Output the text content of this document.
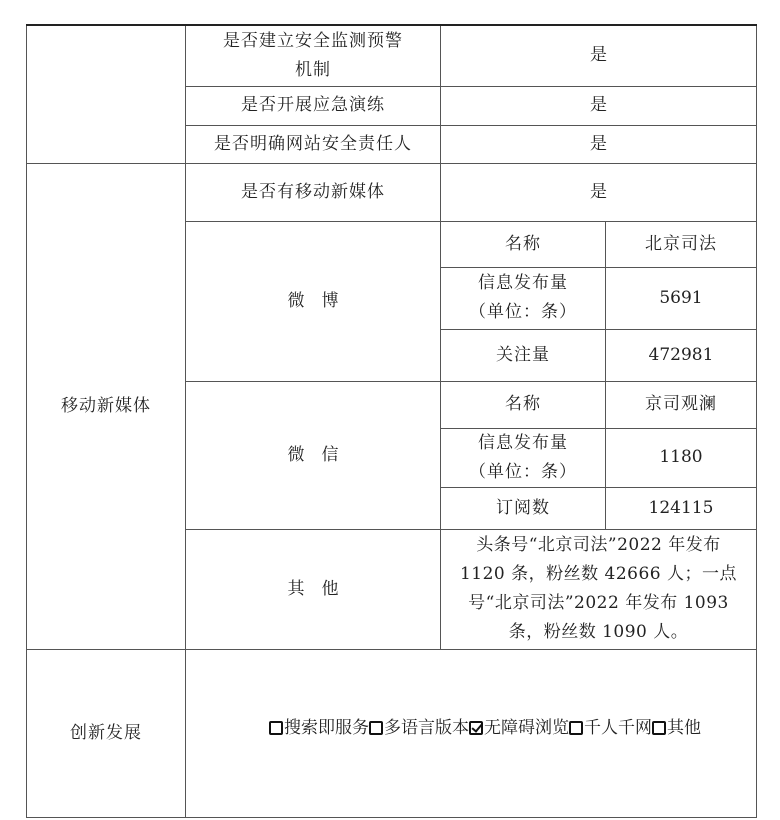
	是否建立安全监测预警
机制	是	
	是否开展应急演练	是	
	是否明确网站安全责任人	是	
移动新媒体	是否有移动新媒体	是	
	微　博	名称	北京司法

		信息发布量
（单位：条）	5691
		关注量	472981
	微　信	名称	京司观澜

		信息发布量
（单位：条）	1180
		订阅数	124115
	其　他	头条号“北京司法”2022 年发布
1120 条，粉丝数 42666 人；一点
号“北京司法”2022 年发布 1093
条，粉丝数 1090 人。	

创新发展	搜索即服务 多语言版本 无障碍浏览 千人千网 其他		
